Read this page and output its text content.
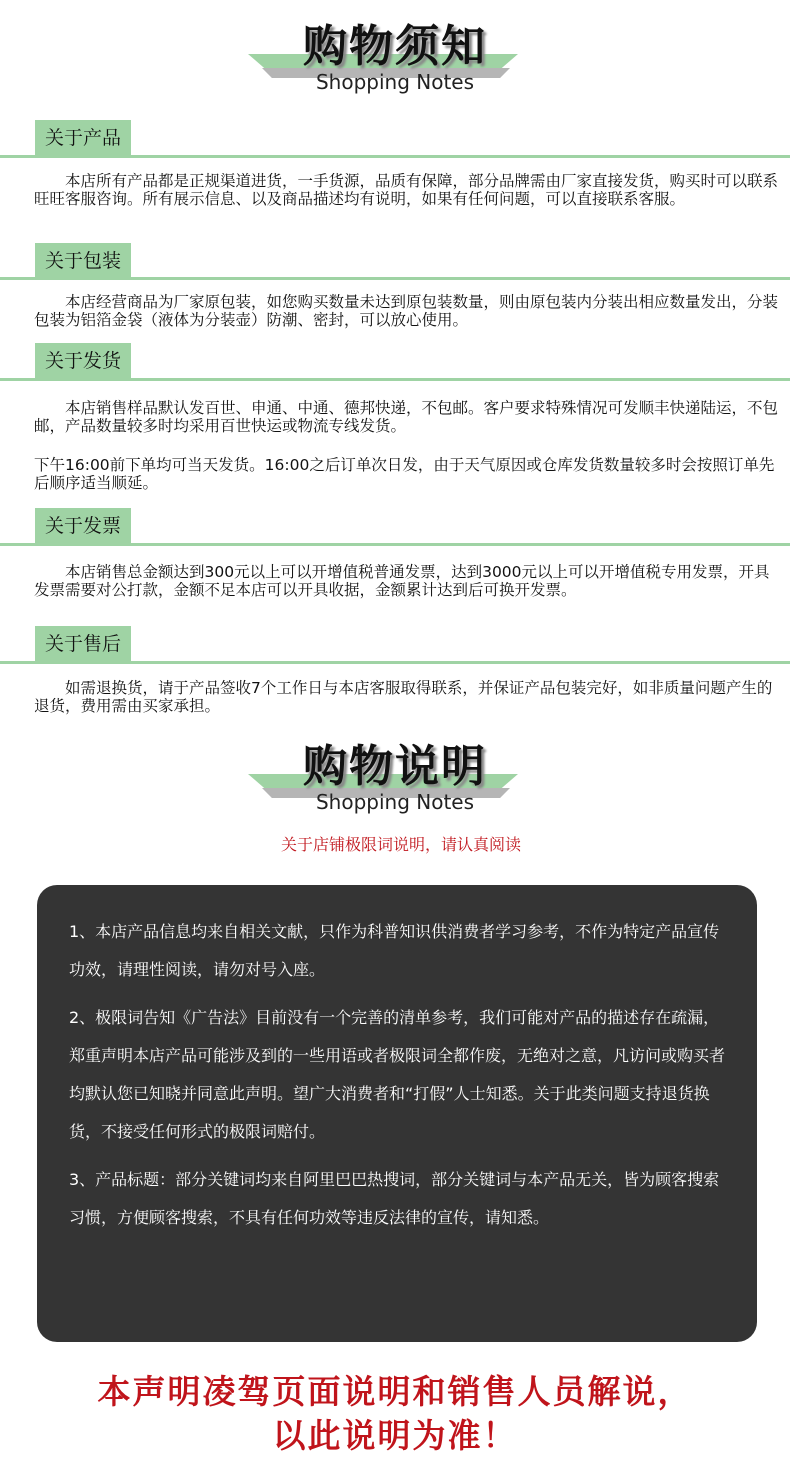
购物须知
Shopping Notes
关于产品
本店所有产品都是正规渠道进货，一手货源，品质有保障，部分品牌需由厂家直接发货，购买时可以联系旺旺客服咨询。所有展示信息、以及商品描述均有说明，如果有任何问题，可以直接联系客服。
关于包装
本店经营商品为厂家原包装，如您购买数量未达到原包装数量，则由原包装内分装出相应数量发出，分装包装为铝箔金袋（液体为分装壶）防潮、密封，可以放心使用。
关于发货
本店销售样品默认发百世、申通、中通、德邦快递，不包邮。客户要求特殊情况可发顺丰快递陆运，不包邮，产品数量较多时均采用百世快运或物流专线发货。
下午16:00前下单均可当天发货。16:00之后订单次日发，由于天气原因或仓库发货数量较多时会按照订单先后顺序适当顺延。
关于发票
本店销售总金额达到300元以上可以开增值税普通发票，达到3000元以上可以开增值税专用发票，开具发票需要对公打款，金额不足本店可以开具收据，金额累计达到后可换开发票。
关于售后
如需退换货，请于产品签收7个工作日与本店客服取得联系，并保证产品包装完好，如非质量问题产生的退货，费用需由买家承担。
购物说明
Shopping Notes
关于店铺极限词说明，请认真阅读

1、本店产品信息均来自相关文献，只作为科普知识供消费者学习参考，不作为特定产品宣传功效，请理性阅读，请勿对号入座。

2、极限词告知《广告法》目前没有一个完善的清单参考，我们可能对产品的描述存在疏漏，郑重声明本店产品可能涉及到的一些用语或者极限词全都作废，无绝对之意，凡访问或购买者均默认您已知晓并同意此声明。望广大消费者和“打假”人士知悉。关于此类问题支持退货换货，不接受任何形式的极限词赔付。

3、产品标题：部分关键词均来自阿里巴巴热搜词，部分关键词与本产品无关，皆为顾客搜索习惯，方便顾客搜索，不具有任何功效等违反法律的宣传，请知悉。

本声明凌驾页面说明和销售人员解说，
以此说明为准！
